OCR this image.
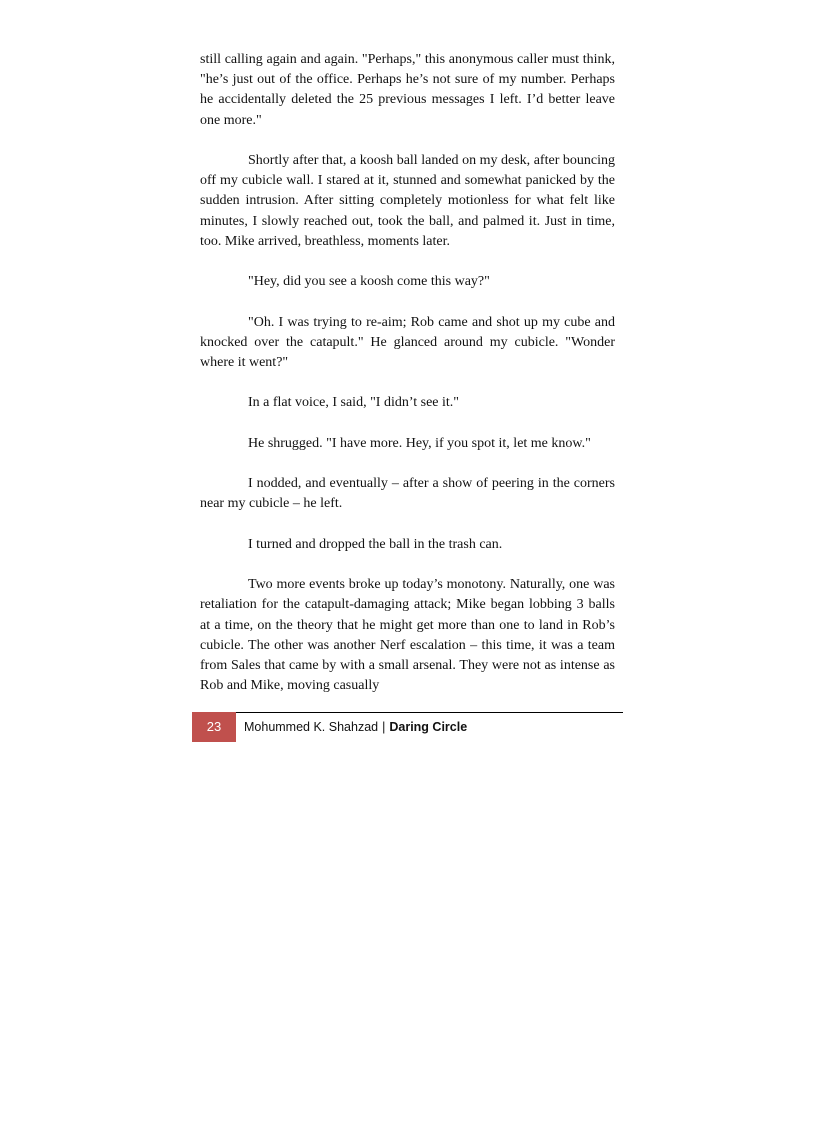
still calling again and again. "Perhaps," this anonymous caller must think, "he’s just out of the office. Perhaps he’s not sure of my number. Perhaps he accidentally deleted the 25 previous messages I left. I’d better leave one more."

Shortly after that, a koosh ball landed on my desk, after bouncing off my cubicle wall. I stared at it, stunned and somewhat panicked by the sudden intrusion. After sitting completely motionless for what felt like minutes, I slowly reached out, took the ball, and palmed it. Just in time, too. Mike arrived, breathless, moments later.

"Hey, did you see a koosh come this way?"

"Oh. I was trying to re-aim; Rob came and shot up my cube and knocked over the catapult." He glanced around my cubicle. "Wonder where it went?"

In a flat voice, I said, "I didn’t see it."

He shrugged. "I have more. Hey, if you spot it, let me know."

I nodded, and eventually – after a show of peering in the corners near my cubicle – he left.

I turned and dropped the ball in the trash can.

Two more events broke up today’s monotony. Naturally, one was retaliation for the catapult-damaging attack; Mike began lobbing 3 balls at a time, on the theory that he might get more than one to land in Rob’s cubicle. The other was another Nerf escalation – this time, it was a team from Sales that came by with a small arsenal. They were not as intense as Rob and Mike, moving casually

23	Mohummed K. Shahzad | Daring Circle
